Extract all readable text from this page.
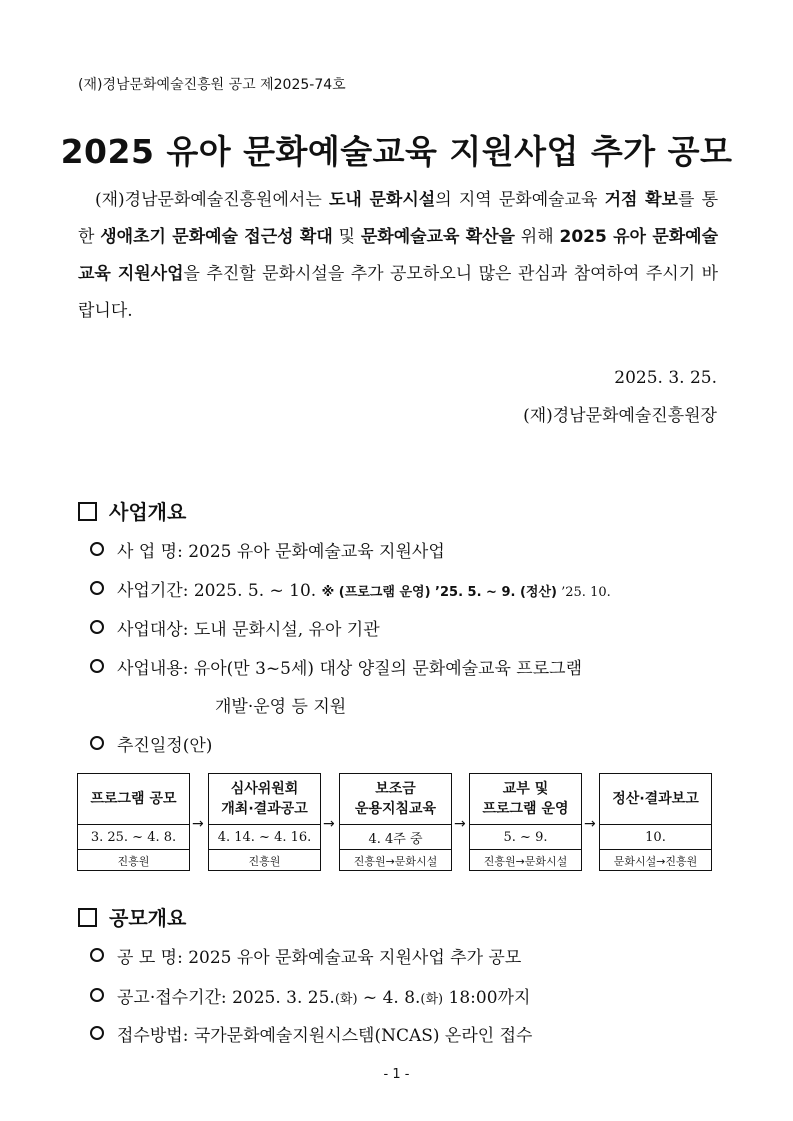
(재)경남문화예술진흥원 공고 제2025-74호
2025 유아 문화예술교육 지원사업 추가 공모
(재)경남문화예술진흥원에서는 도내 문화시설의 지역 문화예술교육 거점 확보를 통한 생애초기 문화예술 접근성 확대 및 문화예술교육 확산을 위해 2025 유아 문화예술교육 지원사업을 추진할 문화시설을 추가 공모하오니 많은 관심과 참여하여 주시기 바랍니다.
2025. 3. 25.
(재)경남문화예술진흥원장
사업개요
사 업 명: 2025 유아 문화예술교육 지원사업
사업기간: 2025. 5. ~ 10. ※ (프로그램 운영) ’25. 5. ~ 9. (정산) ’25. 10.
사업대상: 도내 문화시설, 유아 기관
사업내용: 유아(만 3~5세) 대상 양질의 문화예술교육 프로그램
개발·운영 등 지원
추진일정(안)
프로그램 공모
3. 25. ~ 4. 8.
진흥원
→
심사위원회
개최·결과공고
4. 14. ~ 4. 16.
진흥원
→
보조금
운용지침교육
4. 4주 중
진흥원→문화시설
→
교부 및
프로그램 운영
5. ~ 9.
진흥원→문화시설
→
정산·결과보고
10.
문화시설→진흥원
공모개요
공 모 명: 2025 유아 문화예술교육 지원사업 추가 공모
공고·접수기간: 2025. 3. 25.(화) ~ 4. 8.(화) 18:00까지
접수방법: 국가문화예술지원시스템(NCAS) 온라인 접수
- 1 -
